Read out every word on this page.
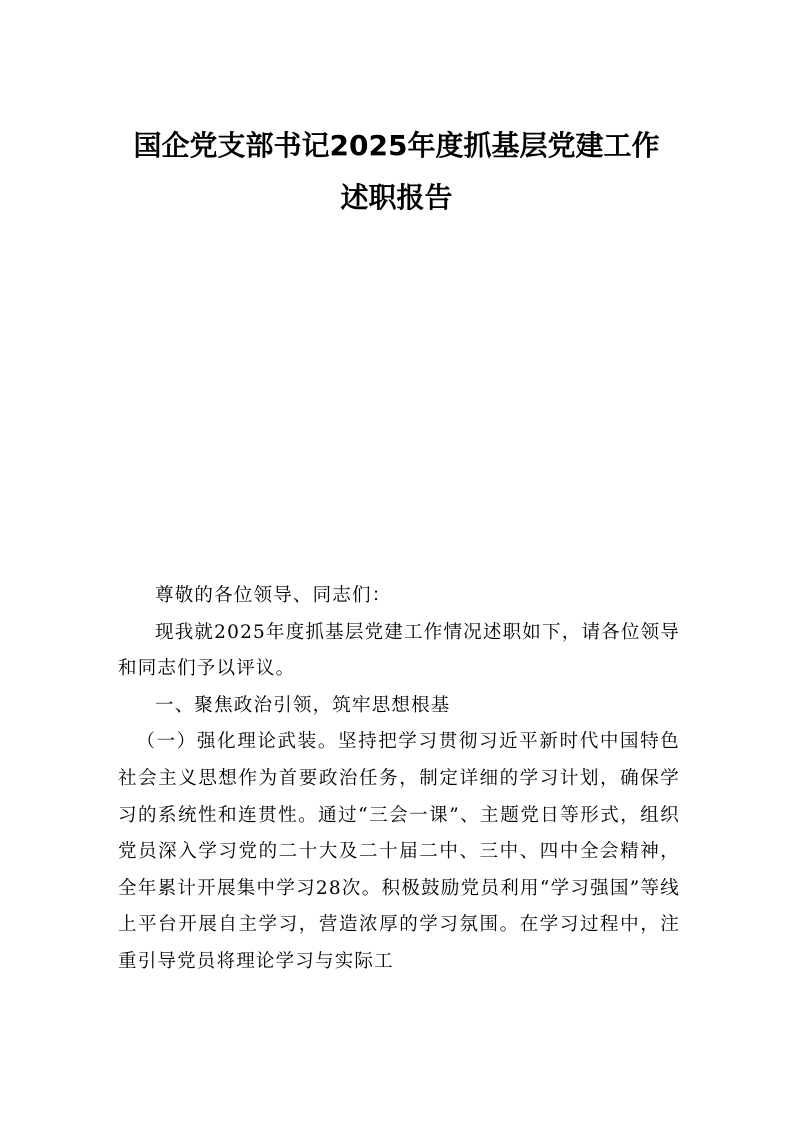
国企党支部书记2025年度抓基层党建工作
述职报告

尊敬的各位领导、同志们：

现我就2025年度抓基层党建工作情况述职如下，请各位领导和同志们予以评议。

一、聚焦政治引领，筑牢思想根基

（一）强化理论武装。坚持把学习贯彻习近平新时代中国特色社会主义思想作为首要政治任务，制定详细的学习计划，确保学习的系统性和连贯性。通过“三会一课”、主题党日等形式，组织党员深入学习党的二十大及二十届二中、三中、四中全会精神，全年累计开展集中学习28次。积极鼓励党员利用“学习强国”等线上平台开展自主学习，营造浓厚的学习氛围。在学习过程中，注重引导党员将理论学习与实际工
